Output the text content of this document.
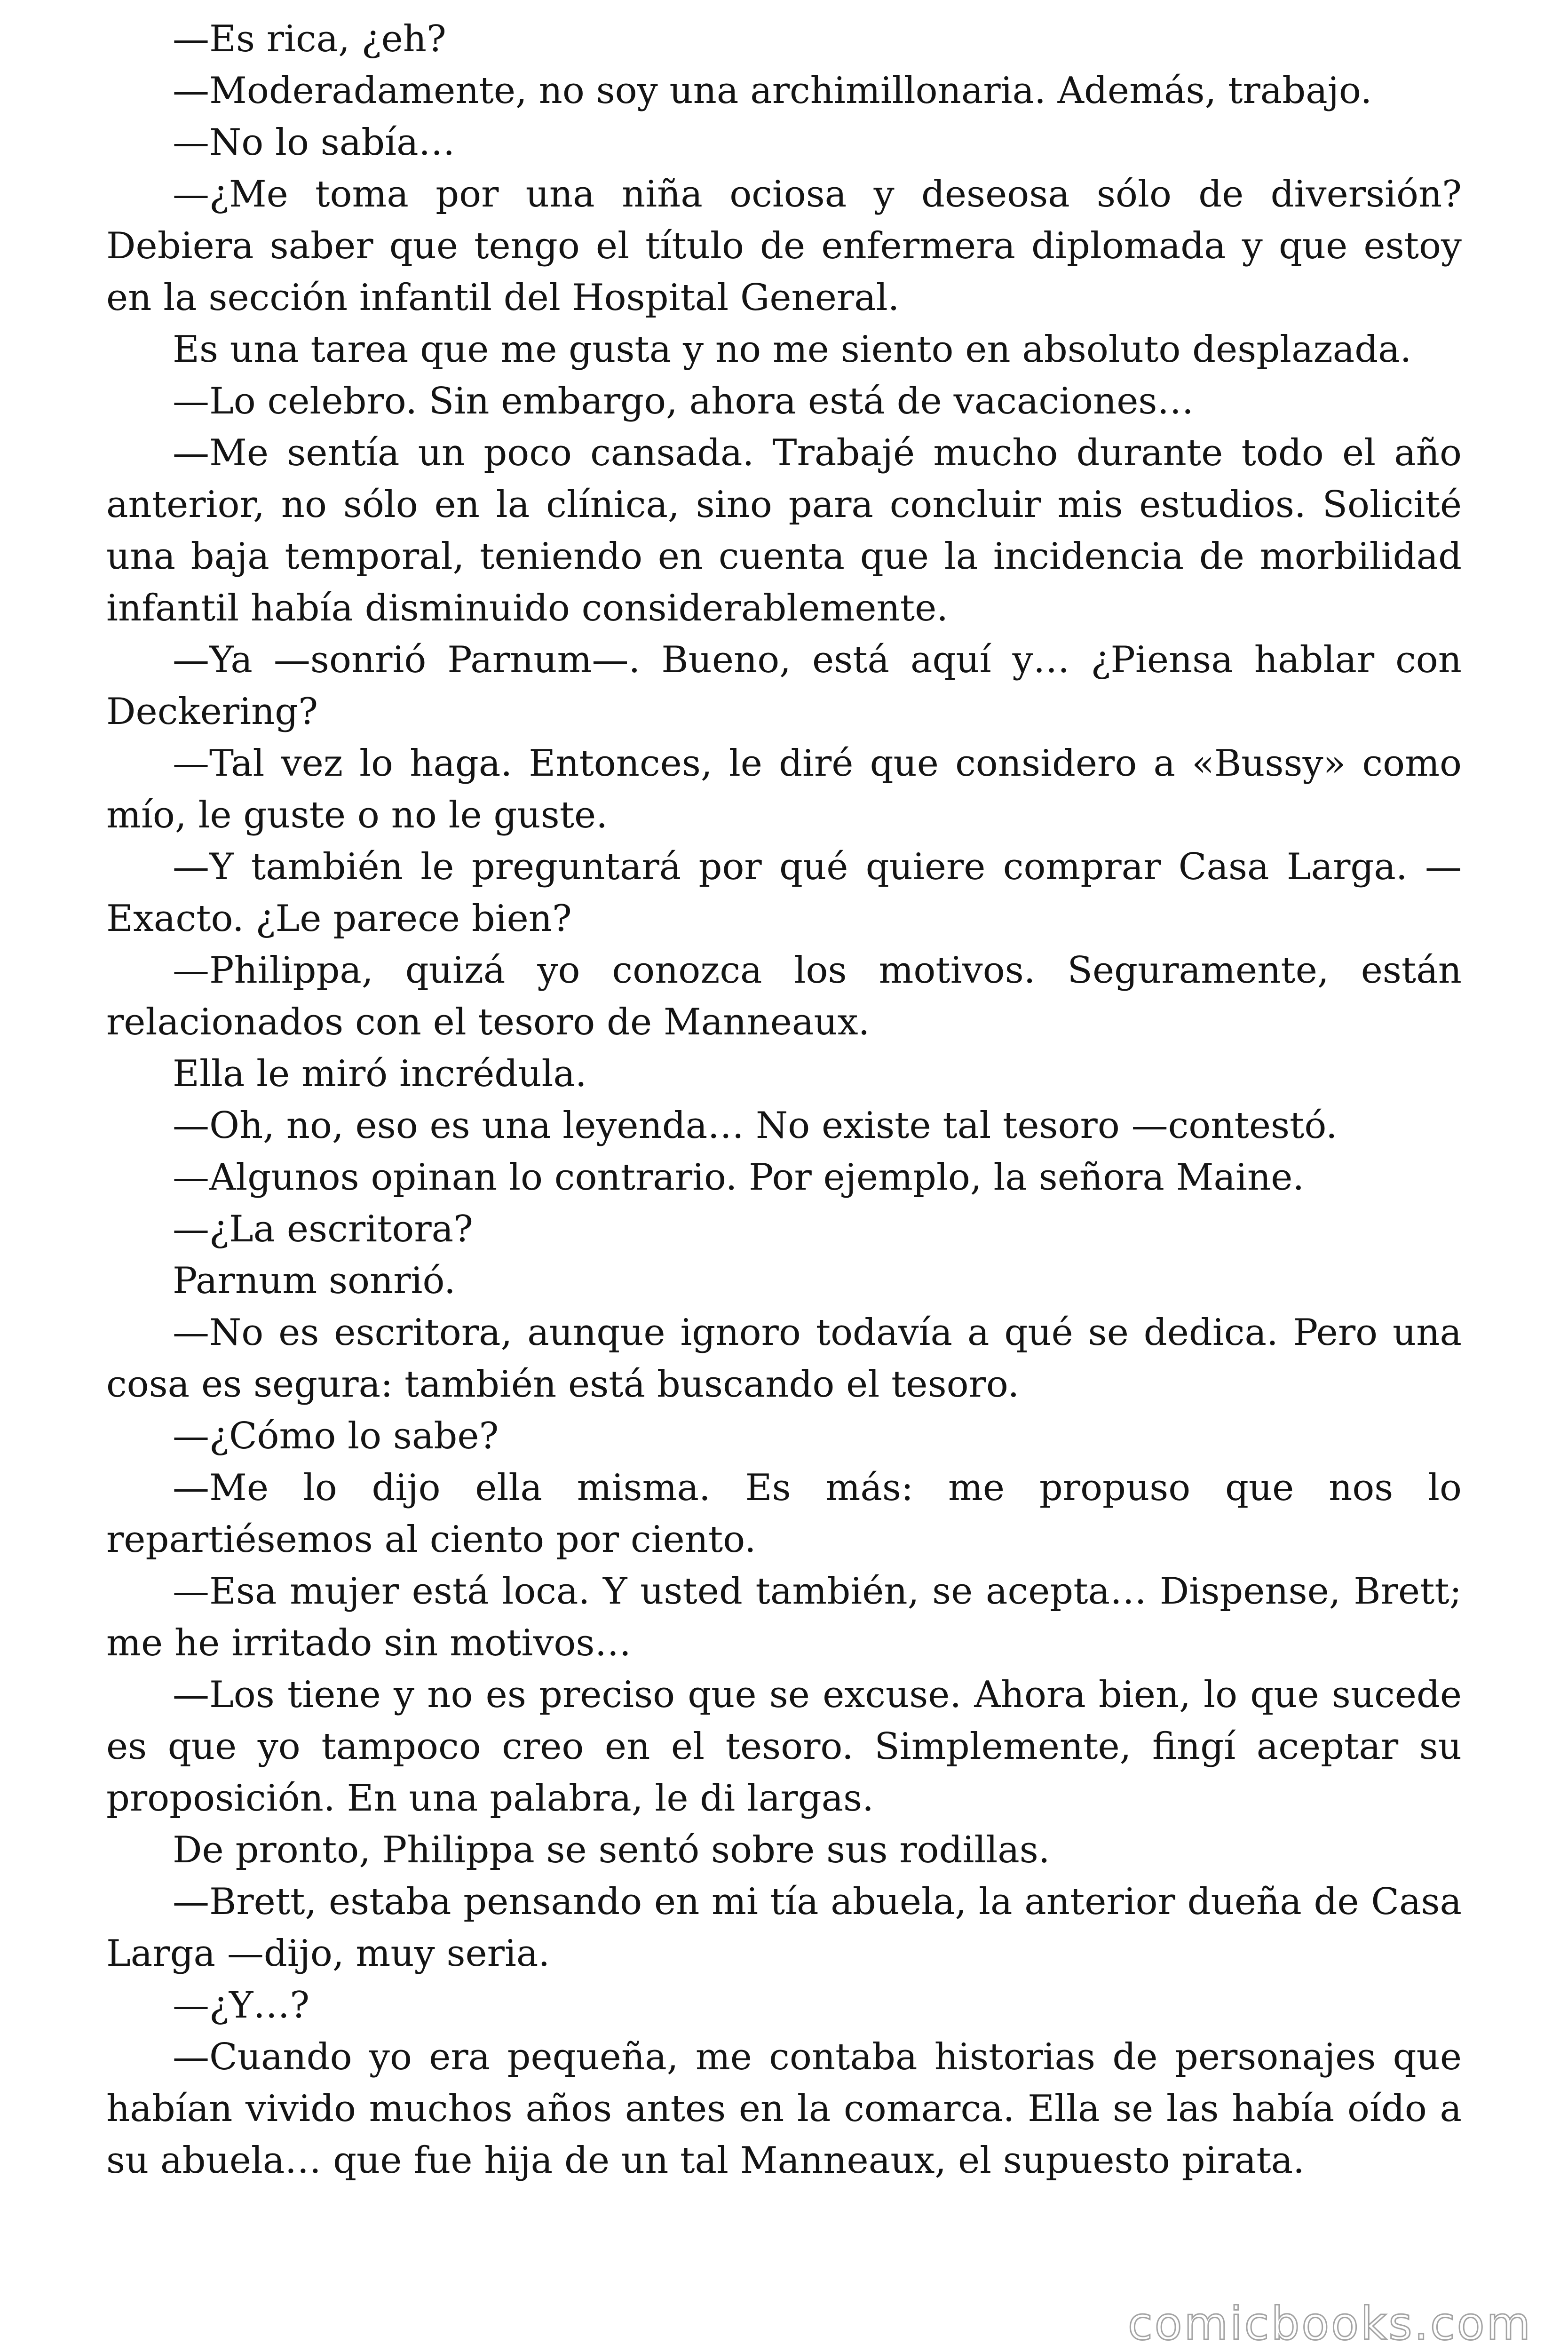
—Es rica, ¿eh?

—Moderadamente, no soy una archimillonaria. Además, trabajo.

—No lo sabía…

—¿Me toma por una niña ociosa y deseosa sólo de diversión? Debiera saber que tengo el título de enfermera diplomada y que estoy en la sección infantil del Hospital General.

Es una tarea que me gusta y no me siento en absoluto desplazada.

—Lo celebro. Sin embargo, ahora está de vacaciones…

—Me sentía un poco cansada. Trabajé mucho durante todo el año anterior, no sólo en la clínica, sino para concluir mis estudios. Solicité una baja temporal, teniendo en cuenta que la incidencia de morbilidad infantil había disminuido considerablemente.

—Ya —sonrió Parnum—. Bueno, está aquí y… ¿Piensa hablar con Deckering?

—Tal vez lo haga. Entonces, le diré que considero a «Bussy» como mío, le guste o no le guste.

—Y también le preguntará por qué quiere comprar Casa Larga. —Exacto. ¿Le parece bien?

—Philippa, quizá yo conozca los motivos. Seguramente, están relacionados con el tesoro de Manneaux.

Ella le miró incrédula.

—Oh, no, eso es una leyenda… No existe tal tesoro —contestó.

—Algunos opinan lo contrario. Por ejemplo, la señora Maine.

—¿La escritora?

Parnum sonrió.

—No es escritora, aunque ignoro todavía a qué se dedica. Pero una cosa es segura: también está buscando el tesoro.

—¿Cómo lo sabe?

—Me lo dijo ella misma. Es más: me propuso que nos lo repartiésemos al ciento por ciento.

—Esa mujer está loca. Y usted también, se acepta… Dispense, Brett; me he irritado sin motivos…

—Los tiene y no es preciso que se excuse. Ahora bien, lo que sucede es que yo tampoco creo en el tesoro. Simplemente, fingí aceptar su proposición. En una palabra, le di largas.

De pronto, Philippa se sentó sobre sus rodillas.

—Brett, estaba pensando en mi tía abuela, la anterior dueña de Casa Larga —dijo, muy seria.

—¿Y…?

—Cuando yo era pequeña, me contaba historias de personajes que habían vivido muchos años antes en la comarca. Ella se las había oído a su abuela… que fue hija de un tal Manneaux, el supuesto pirata.

comicbooks.com
